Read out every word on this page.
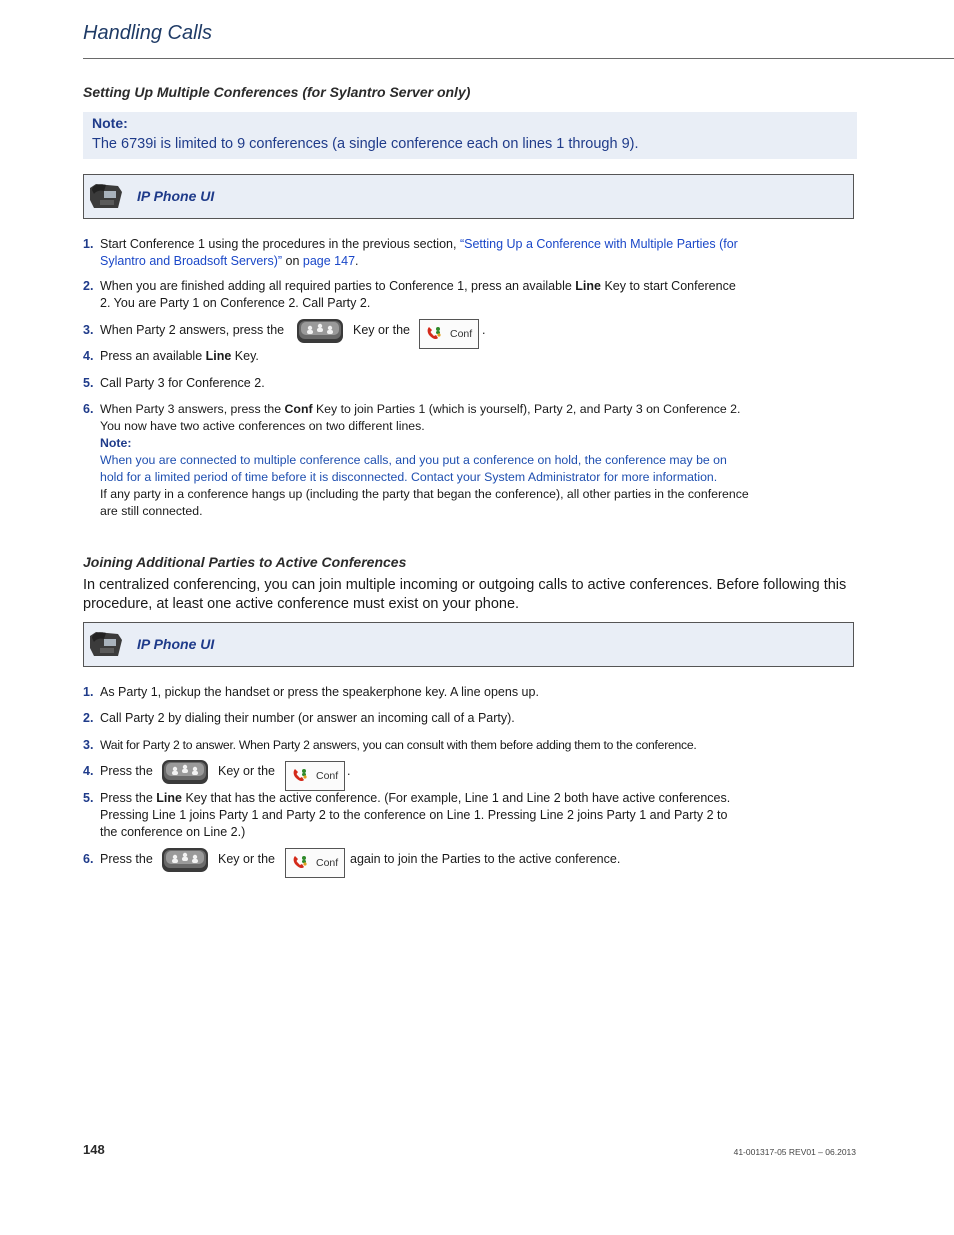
Handling Calls
Setting Up Multiple Conferences (for Sylantro Server only)
Note:
The 6739i is limited to 9 conferences (a single conference each on lines 1 through 9).
IP Phone UI
1. Start Conference 1 using the procedures in the previous section, “Setting Up a Conference with Multiple Parties (for Sylantro and Broadsoft Servers)” on page 147.
2. When you are finished adding all required parties to Conference 1, press an available Line Key to start Conference 2. You are Party 1 on Conference 2. Call Party 2.
3. When Party 2 answers, press the	Key or the	Conf .
4. Press an available Line Key.
5. Call Party 3 for Conference 2.
6. When Party 3 answers, press the Conf Key to join Parties 1 (which is yourself), Party 2, and Party 3 on Conference 2.
You now have two active conferences on two different lines.
Note:
When you are connected to multiple conference calls, and you put a conference on hold, the conference may be on hold for a limited period of time before it is disconnected. Contact your System Administrator for more information.
If any party in a conference hangs up (including the party that began the conference), all other parties in the conference are still connected.
Joining Additional Parties to Active Conferences
In centralized conferencing, you can join multiple incoming or outgoing calls to active conferences. Before following this procedure, at least one active conference must exist on your phone.
IP Phone UI
1. As Party 1, pickup the handset or press the speakerphone key. A line opens up.
2. Call Party 2 by dialing their number (or answer an incoming call of a Party).
3. Wait for Party 2 to answer. When Party 2 answers, you can consult with them before adding them to the conference.
4. Press the	Key or the	Conf .
5. Press the Line Key that has the active conference. (For example, Line 1 and Line 2 both have active conferences. Pressing Line 1 joins Party 1 and Party 2 to the conference on Line 1. Pressing Line 2 joins Party 1 and Party 2 to the conference on Line 2.)
6. Press the	Key or the	Conf again to join the Parties to the active conference.
148	41-001317-05 REV01 – 06.2013
